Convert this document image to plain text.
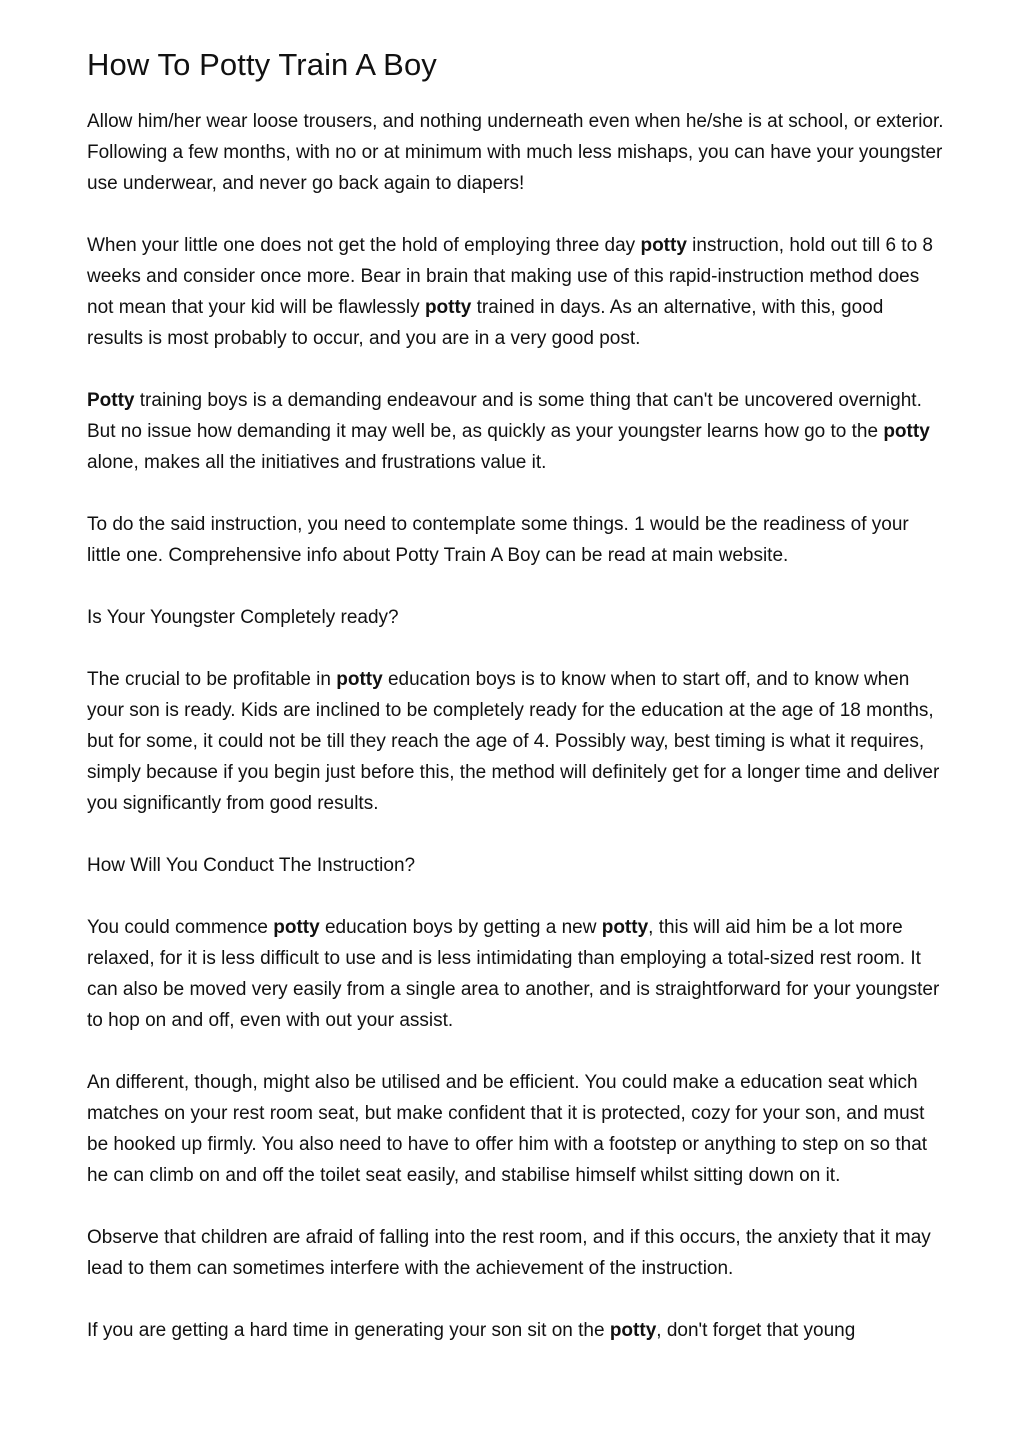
How To Potty Train A Boy

Allow him/her wear loose trousers, and nothing underneath even when he/she is at school, or exterior. Following a few months, with no or at minimum with much less mishaps, you can have your youngster use underwear, and never go back again to diapers!

When your little one does not get the hold of employing three day potty instruction, hold out till 6 to 8 weeks and consider once more. Bear in brain that making use of this rapid-instruction method does not mean that your kid will be flawlessly potty trained in days. As an alternative, with this, good results is most probably to occur, and you are in a very good post.

Potty training boys is a demanding endeavour and is some thing that can't be uncovered overnight. But no issue how demanding it may well be, as quickly as your youngster learns how go to the potty alone, makes all the initiatives and frustrations value it.

To do the said instruction, you need to contemplate some things. 1 would be the readiness of your little one. Comprehensive info about Potty Train A Boy can be read at main website.

Is Your Youngster Completely ready?

The crucial to be profitable in potty education boys is to know when to start off, and to know when your son is ready. Kids are inclined to be completely ready for the education at the age of 18 months, but for some, it could not be till they reach the age of 4. Possibly way, best timing is what it requires, simply because if you begin just before this, the method will definitely get for a longer time and deliver you significantly from good results.

How Will You Conduct The Instruction?

You could commence potty education boys by getting a new potty, this will aid him be a lot more relaxed, for it is less difficult to use and is less intimidating than employing a total-sized rest room. It can also be moved very easily from a single area to another, and is straightforward for your youngster to hop on and off, even with out your assist.

An different, though, might also be utilised and be efficient. You could make a education seat which matches on your rest room seat, but make confident that it is protected, cozy for your son, and must be hooked up firmly. You also need to have to offer him with a footstep or anything to step on so that he can climb on and off the toilet seat easily, and stabilise himself whilst sitting down on it.

Observe that children are afraid of falling into the rest room, and if this occurs, the anxiety that it may lead to them can sometimes interfere with the achievement of the instruction.

If you are getting a hard time in generating your son sit on the potty, don't forget that young
